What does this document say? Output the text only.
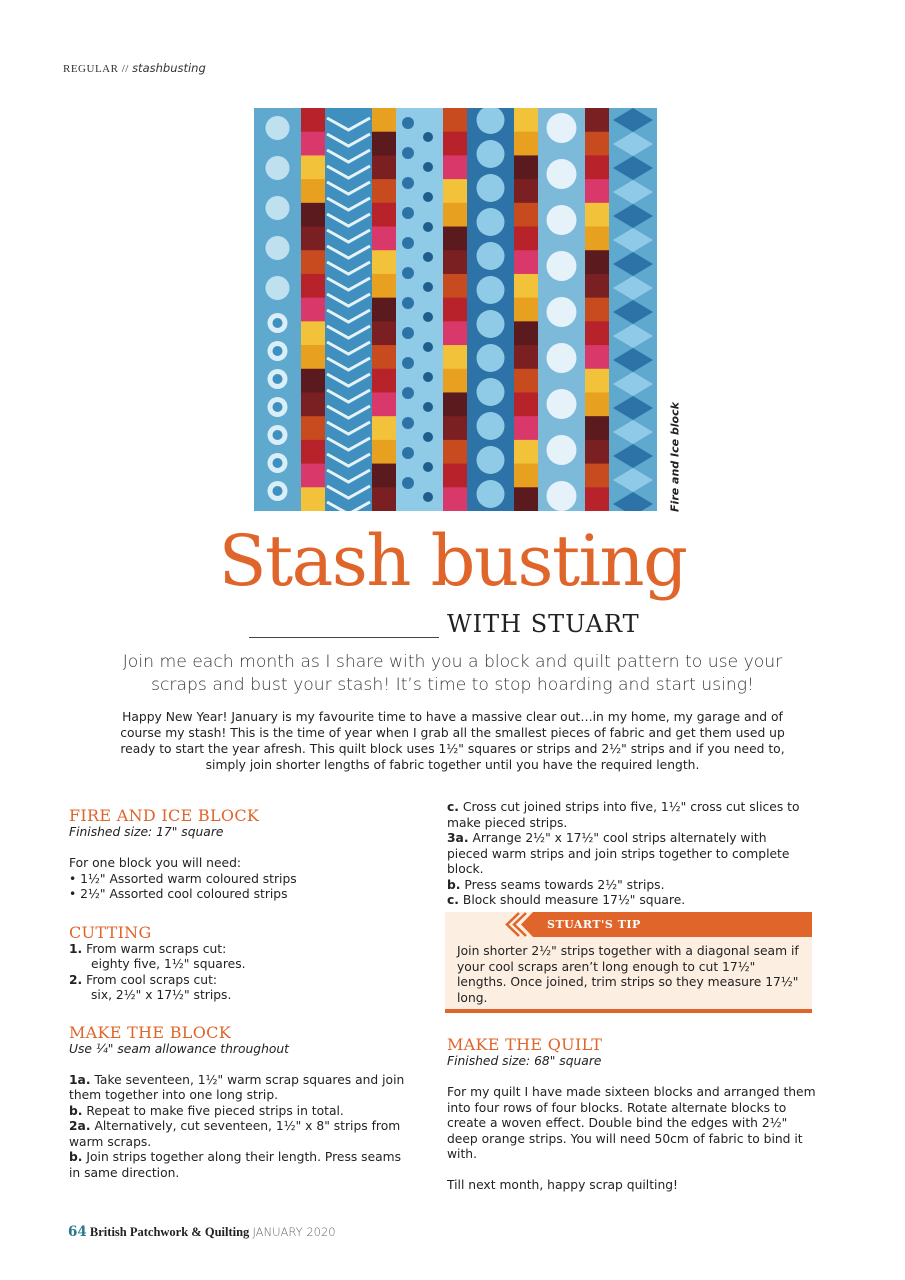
REGULAR // stashbusting
Fire and Ice block
Stash busting
WITH STUART
Join me each month as I share with you a block and quilt pattern to use your scraps and bust your stash! It’s time to stop hoarding and start using!
Happy New Year! January is my favourite time to have a massive clear out…in my home, my garage and of course my stash! This is the time of year when I grab all the smallest pieces of fabric and get them used up ready to start the year afresh. This quilt block uses 1½" squares or strips and 2½" strips and if you need to, simply join shorter lengths of fabric together until you have the required length.

FIRE AND ICE BLOCK

Finished size: 17" square

For one block you will need:

• 1½" Assorted warm coloured strips

• 2½" Assorted cool coloured strips

CUTTING

1. From warm scraps cut:

eighty five, 1½" squares.

2. From cool scraps cut:

six, 2½" x 17½" strips.

MAKE THE BLOCK

Use ¼" seam allowance throughout

1a. Take seventeen, 1½" warm scrap squares and join them together into one long strip.

b. Repeat to make five pieced strips in total.

2a. Alternatively, cut seventeen, 1½" x 8" strips from warm scraps.

b. Join strips together along their length. Press seams in same direction.

c. Cross cut joined strips into five, 1½" cross cut slices to make pieced strips.

3a. Arrange 2½" x 17½" cool strips alternately with pieced warm strips and join strips together to complete block.

b. Press seams towards 2½" strips.

c. Block should measure 17½" square.

STUART'S TIP
Join shorter 2½" strips together with a diagonal seam if your cool scraps aren’t long enough to cut 17½" lengths. Once joined, trim strips so they measure 17½" long.

MAKE THE QUILT

Finished size: 68" square

For my quilt I have made sixteen blocks and arranged them into four rows of four blocks. Rotate alternate blocks to create a woven effect. Double bind the edges with 2½" deep orange strips. You will need 50cm of fabric to bind it with.

Till next month, happy scrap quilting!

64 British Patchwork & Quilting JANUARY 2020
